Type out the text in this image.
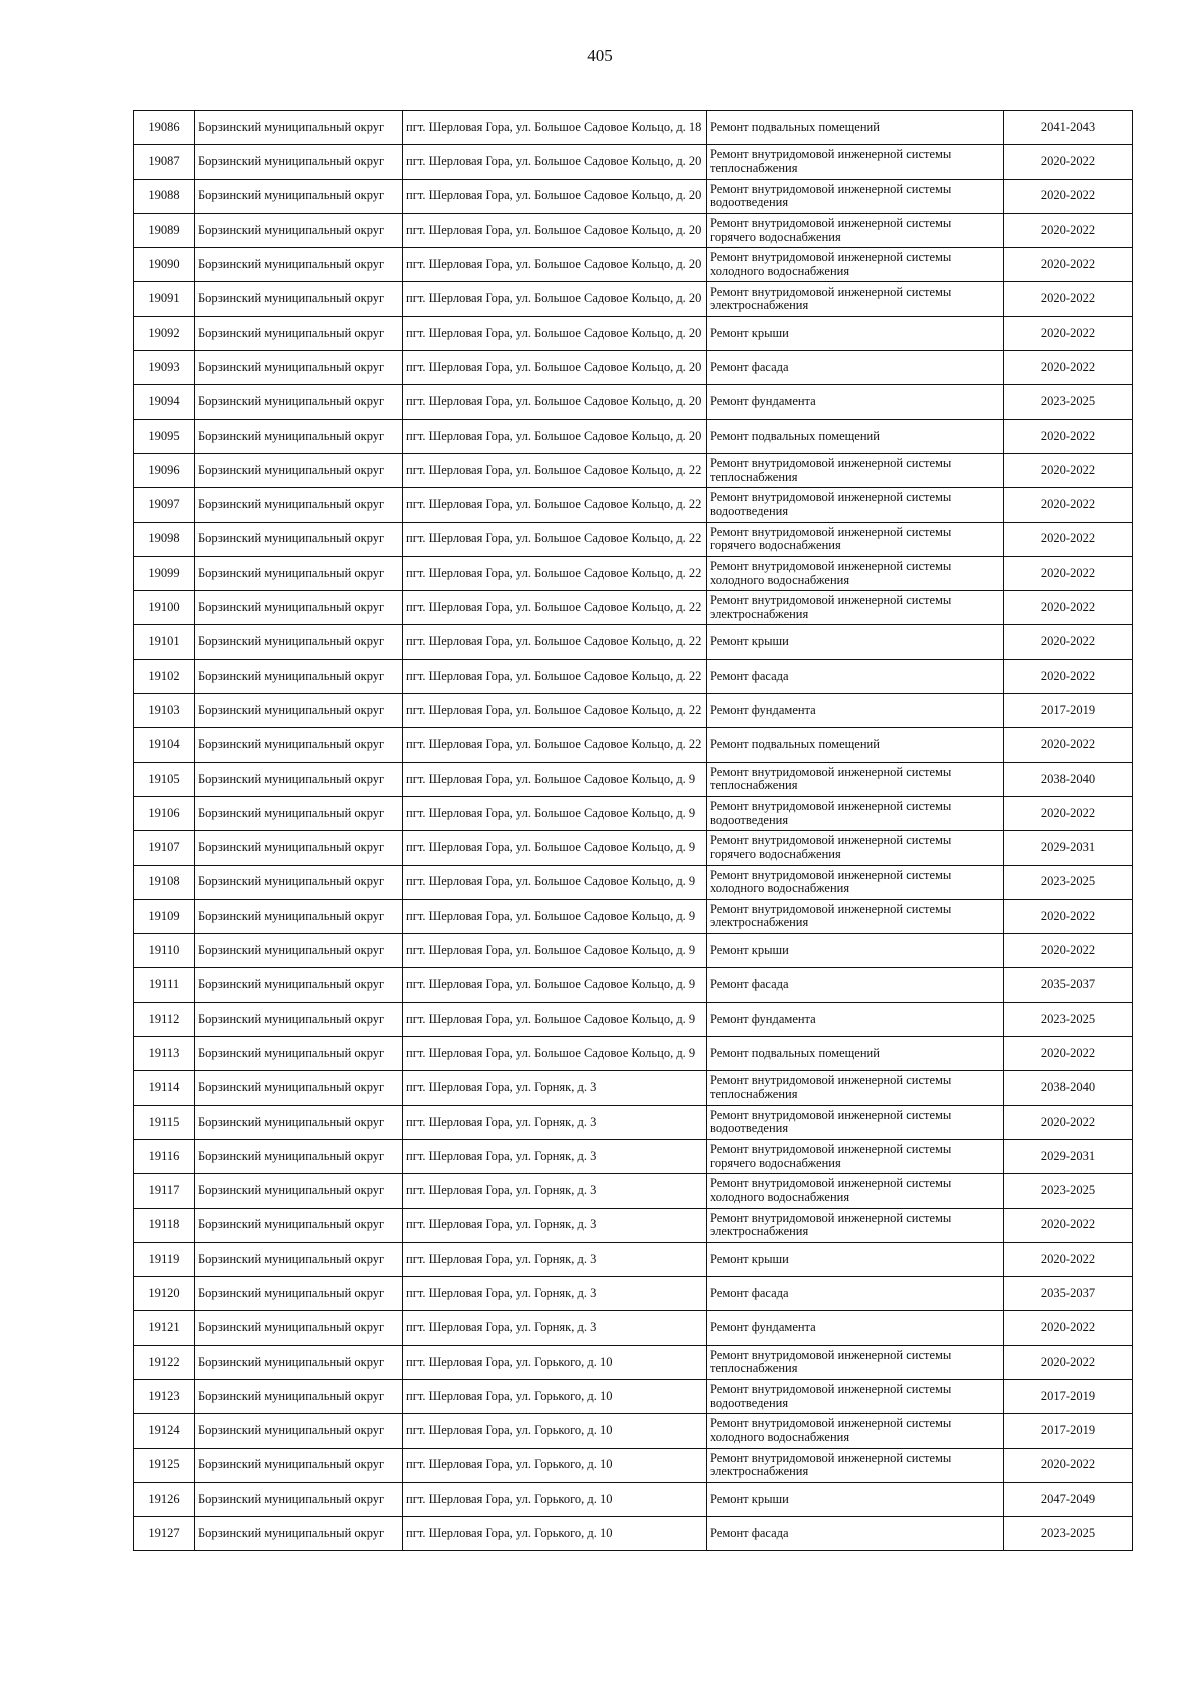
405
19086	Борзинский муниципальный округ	пгт. Шерловая Гора, ул. Большое Садовое Кольцо, д. 18	Ремонт подвальных помещений	2041-2043
19087	Борзинский муниципальный округ	пгт. Шерловая Гора, ул. Большое Садовое Кольцо, д. 20	Ремонт внутридомовой инженерной системы теплоснабжения	2020-2022
19088	Борзинский муниципальный округ	пгт. Шерловая Гора, ул. Большое Садовое Кольцо, д. 20	Ремонт внутридомовой инженерной системы водоотведения	2020-2022
19089	Борзинский муниципальный округ	пгт. Шерловая Гора, ул. Большое Садовое Кольцо, д. 20	Ремонт внутридомовой инженерной системы горячего водоснабжения	2020-2022
19090	Борзинский муниципальный округ	пгт. Шерловая Гора, ул. Большое Садовое Кольцо, д. 20	Ремонт внутридомовой инженерной системы холодного водоснабжения	2020-2022
19091	Борзинский муниципальный округ	пгт. Шерловая Гора, ул. Большое Садовое Кольцо, д. 20	Ремонт внутридомовой инженерной системы электроснабжения	2020-2022
19092	Борзинский муниципальный округ	пгт. Шерловая Гора, ул. Большое Садовое Кольцо, д. 20	Ремонт крыши	2020-2022
19093	Борзинский муниципальный округ	пгт. Шерловая Гора, ул. Большое Садовое Кольцо, д. 20	Ремонт фасада	2020-2022
19094	Борзинский муниципальный округ	пгт. Шерловая Гора, ул. Большое Садовое Кольцо, д. 20	Ремонт фундамента	2023-2025
19095	Борзинский муниципальный округ	пгт. Шерловая Гора, ул. Большое Садовое Кольцо, д. 20	Ремонт подвальных помещений	2020-2022
19096	Борзинский муниципальный округ	пгт. Шерловая Гора, ул. Большое Садовое Кольцо, д. 22	Ремонт внутридомовой инженерной системы теплоснабжения	2020-2022
19097	Борзинский муниципальный округ	пгт. Шерловая Гора, ул. Большое Садовое Кольцо, д. 22	Ремонт внутридомовой инженерной системы водоотведения	2020-2022
19098	Борзинский муниципальный округ	пгт. Шерловая Гора, ул. Большое Садовое Кольцо, д. 22	Ремонт внутридомовой инженерной системы горячего водоснабжения	2020-2022
19099	Борзинский муниципальный округ	пгт. Шерловая Гора, ул. Большое Садовое Кольцо, д. 22	Ремонт внутридомовой инженерной системы холодного водоснабжения	2020-2022
19100	Борзинский муниципальный округ	пгт. Шерловая Гора, ул. Большое Садовое Кольцо, д. 22	Ремонт внутридомовой инженерной системы электроснабжения	2020-2022
19101	Борзинский муниципальный округ	пгт. Шерловая Гора, ул. Большое Садовое Кольцо, д. 22	Ремонт крыши	2020-2022
19102	Борзинский муниципальный округ	пгт. Шерловая Гора, ул. Большое Садовое Кольцо, д. 22	Ремонт фасада	2020-2022
19103	Борзинский муниципальный округ	пгт. Шерловая Гора, ул. Большое Садовое Кольцо, д. 22	Ремонт фундамента	2017-2019
19104	Борзинский муниципальный округ	пгт. Шерловая Гора, ул. Большое Садовое Кольцо, д. 22	Ремонт подвальных помещений	2020-2022
19105	Борзинский муниципальный округ	пгт. Шерловая Гора, ул. Большое Садовое Кольцо, д. 9	Ремонт внутридомовой инженерной системы теплоснабжения	2038-2040
19106	Борзинский муниципальный округ	пгт. Шерловая Гора, ул. Большое Садовое Кольцо, д. 9	Ремонт внутридомовой инженерной системы водоотведения	2020-2022
19107	Борзинский муниципальный округ	пгт. Шерловая Гора, ул. Большое Садовое Кольцо, д. 9	Ремонт внутридомовой инженерной системы горячего водоснабжения	2029-2031
19108	Борзинский муниципальный округ	пгт. Шерловая Гора, ул. Большое Садовое Кольцо, д. 9	Ремонт внутридомовой инженерной системы холодного водоснабжения	2023-2025
19109	Борзинский муниципальный округ	пгт. Шерловая Гора, ул. Большое Садовое Кольцо, д. 9	Ремонт внутридомовой инженерной системы электроснабжения	2020-2022
19110	Борзинский муниципальный округ	пгт. Шерловая Гора, ул. Большое Садовое Кольцо, д. 9	Ремонт крыши	2020-2022
19111	Борзинский муниципальный округ	пгт. Шерловая Гора, ул. Большое Садовое Кольцо, д. 9	Ремонт фасада	2035-2037
19112	Борзинский муниципальный округ	пгт. Шерловая Гора, ул. Большое Садовое Кольцо, д. 9	Ремонт фундамента	2023-2025
19113	Борзинский муниципальный округ	пгт. Шерловая Гора, ул. Большое Садовое Кольцо, д. 9	Ремонт подвальных помещений	2020-2022
19114	Борзинский муниципальный округ	пгт. Шерловая Гора, ул. Горняк, д. 3	Ремонт внутридомовой инженерной системы теплоснабжения	2038-2040
19115	Борзинский муниципальный округ	пгт. Шерловая Гора, ул. Горняк, д. 3	Ремонт внутридомовой инженерной системы водоотведения	2020-2022
19116	Борзинский муниципальный округ	пгт. Шерловая Гора, ул. Горняк, д. 3	Ремонт внутридомовой инженерной системы горячего водоснабжения	2029-2031
19117	Борзинский муниципальный округ	пгт. Шерловая Гора, ул. Горняк, д. 3	Ремонт внутридомовой инженерной системы холодного водоснабжения	2023-2025
19118	Борзинский муниципальный округ	пгт. Шерловая Гора, ул. Горняк, д. 3	Ремонт внутридомовой инженерной системы электроснабжения	2020-2022
19119	Борзинский муниципальный округ	пгт. Шерловая Гора, ул. Горняк, д. 3	Ремонт крыши	2020-2022
19120	Борзинский муниципальный округ	пгт. Шерловая Гора, ул. Горняк, д. 3	Ремонт фасада	2035-2037
19121	Борзинский муниципальный округ	пгт. Шерловая Гора, ул. Горняк, д. 3	Ремонт фундамента	2020-2022
19122	Борзинский муниципальный округ	пгт. Шерловая Гора, ул. Горького, д. 10	Ремонт внутридомовой инженерной системы теплоснабжения	2020-2022
19123	Борзинский муниципальный округ	пгт. Шерловая Гора, ул. Горького, д. 10	Ремонт внутридомовой инженерной системы водоотведения	2017-2019
19124	Борзинский муниципальный округ	пгт. Шерловая Гора, ул. Горького, д. 10	Ремонт внутридомовой инженерной системы холодного водоснабжения	2017-2019
19125	Борзинский муниципальный округ	пгт. Шерловая Гора, ул. Горького, д. 10	Ремонт внутридомовой инженерной системы электроснабжения	2020-2022
19126	Борзинский муниципальный округ	пгт. Шерловая Гора, ул. Горького, д. 10	Ремонт крыши	2047-2049
19127	Борзинский муниципальный округ	пгт. Шерловая Гора, ул. Горького, д. 10	Ремонт фасада	2023-2025
